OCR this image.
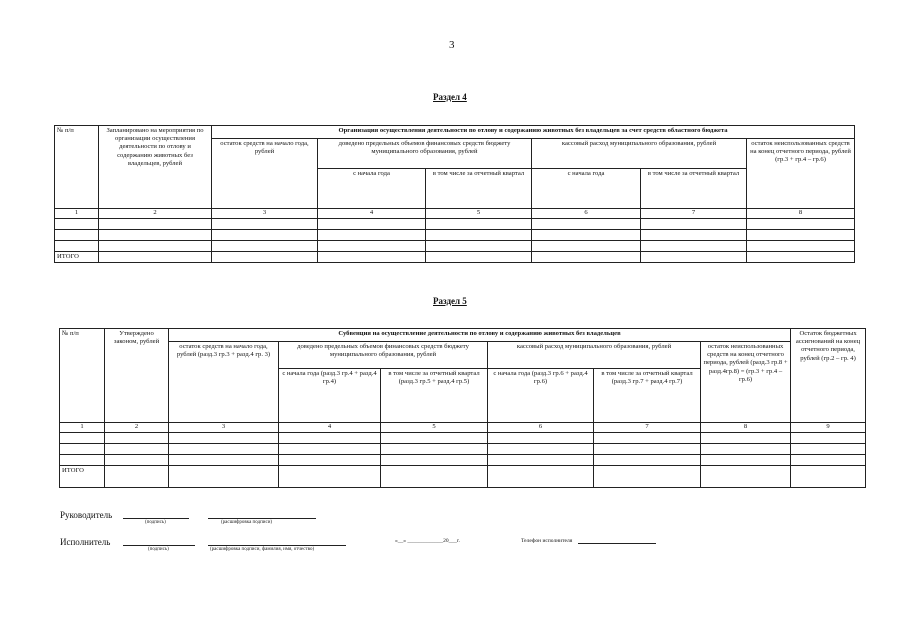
3
Раздел 4
№ п/п	Запланировано на мероприятия по организации осуществления деятельности по отлову и содержанию животных без владельцев, рублей	Организация осуществления деятельности по отлову и содержанию животных без владельцев за счет средств областного бюджета					
		остаток средств на начало года, рублей	доведено предельных объемов финансовых средств бюджету муниципального образования, рублей		кассовый расход муниципального образования, рублей		остаток неиспользованных средств на конец отчетного периода, рублей (гр.3 + гр.4 – гр.6)
			с начала года	в том числе за отчетный квартал	с начала года	в том числе за отчетный квартал	
1	2	3	4	5	6	7	8

ИТОГО							
Раздел 5
№ п/п	Утверждено законом, рублей	Субвенция на осуществление деятельности по отлову и содержанию животных без владельцев						Остаток бюджетных ассигнований на конец отчетного периода, рублей (гр.2 – гр. 4)
		остаток средств на начало года, рублей (разд.3 гр.3 + разд.4 гр. 3)	доведено предельных объемов финансовых средств бюджету муниципального образования, рублей		кассовый расход муниципального образования, рублей		остаток неиспользованных средств на конец отчетного периода, рублей (разд.3 гр.8 + разд.4гр.8) = (гр.3 + гр.4 – гр.6)	
			с начала года (разд.3 гр.4 + разд.4 гр.4)	в том числе за отчетный квартал (разд.3 гр.5 + разд.4 гр.5)	с начала года (разд.3 гр.6 + разд.4 гр.6)	в том числе за отчетный квартал (разд.3 гр.7 + разд.4 гр.7)		
1	2	3	4	5	6	7	8	9

ИТОГО								
Руководитель
(подпись)	(расшифровка подписи)
Исполнитель
(подпись)	(расшифровка подписи, фамилия, имя, отчество)
«__» _____________20___г.	Телефон исполнителя
